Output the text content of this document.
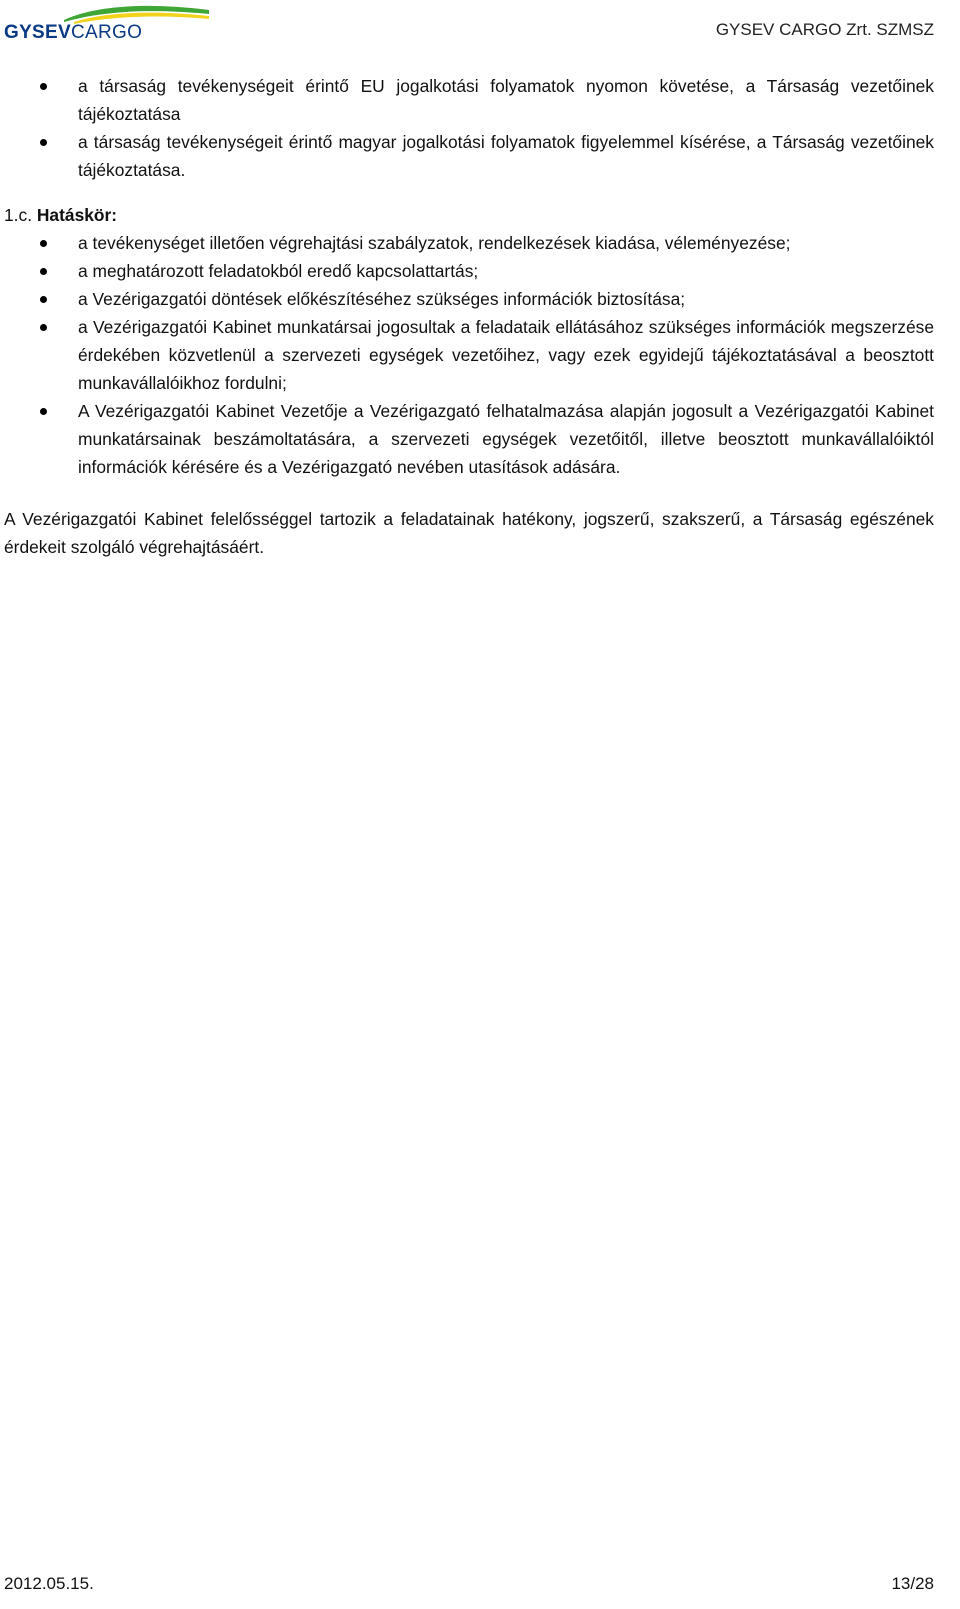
GYSEVCARGO	GYSEV CARGO Zrt. SZMSZ
a társaság tevékenységeit érintő EU jogalkotási folyamatok nyomon követése, a Társaság vezetőinek tájékoztatása
a társaság tevékenységeit érintő magyar jogalkotási folyamatok figyelemmel kísérése, a Társaság vezetőinek tájékoztatása.
1.c. Hatáskör:
a tevékenységet illetően végrehajtási szabályzatok, rendelkezések kiadása, véleményezése;
a meghatározott feladatokból eredő kapcsolattartás;
a Vezérigazgatói döntések előkészítéséhez szükséges információk biztosítása;
a Vezérigazgatói Kabinet munkatársai jogosultak a feladataik ellátásához szükséges információk megszerzése érdekében közvetlenül a szervezeti egységek vezetőihez, vagy ezek egyidejű tájékoztatásával a beosztott munkavállalóikhoz fordulni;
A Vezérigazgatói Kabinet Vezetője a Vezérigazgató felhatalmazása alapján jogosult a Vezérigazgatói Kabinet munkatársainak beszámoltatására, a szervezeti egységek vezetőitől, illetve beosztott munkavállalóiktól információk kérésére és a Vezérigazgató nevében utasítások adására.

A Vezérigazgatói Kabinet felelősséggel tartozik a feladatainak hatékony, jogszerű, szakszerű, a Társaság egészének érdekeit szolgáló végrehajtásáért.

2012.05.15.	13/28
